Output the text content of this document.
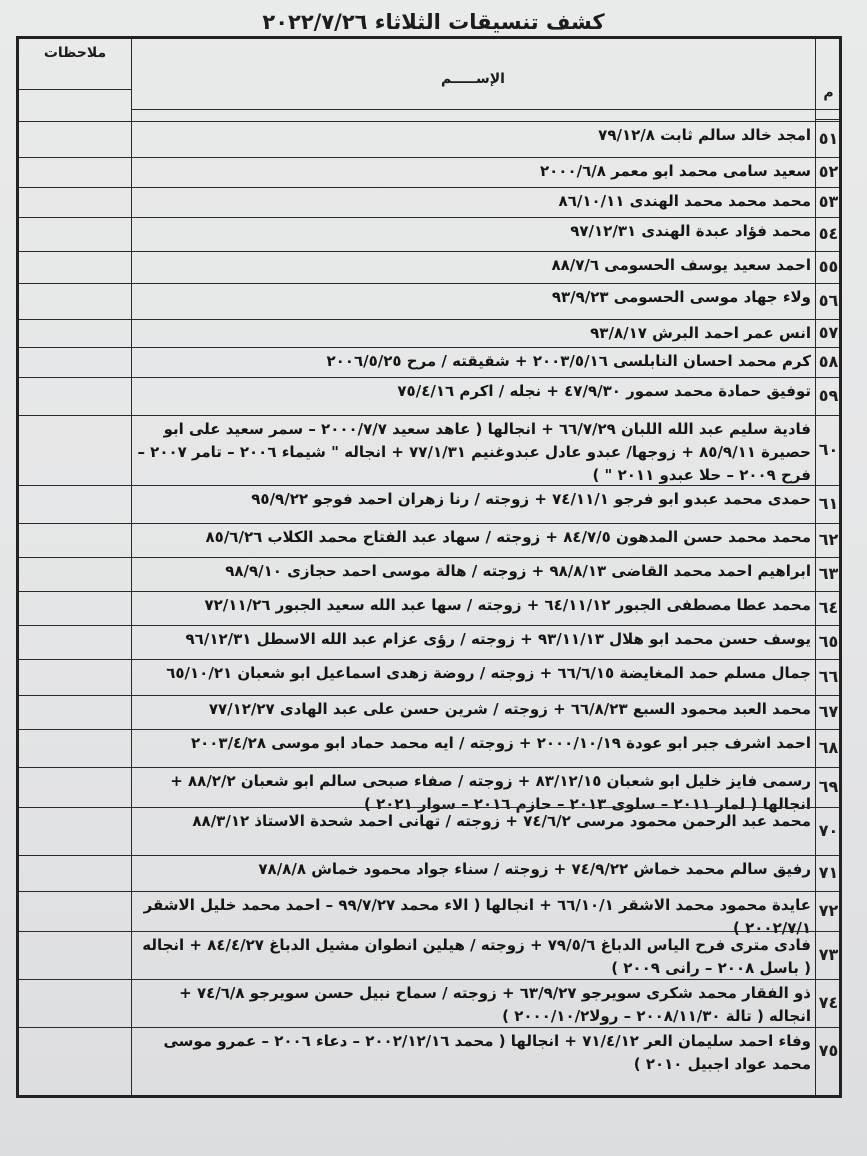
كشف تنسيقات الثلاثاء ٢٠٢٢/٧/٢٦
ملاحظات
الإســـــم
م
٥١
امجد خالد سالم ثابت ٧٩/١٢/٨
٥٢
سعيد سامى محمد ابو معمر ٢٠٠٠/٦/٨
٥٣
محمد محمد محمد الهندى ٨٦/١٠/١١
٥٤
محمد فؤاد عبدة الهندى ٩٧/١٢/٣١
٥٥
احمد سعيد يوسف الحسومى ٨٨/٧/٦
٥٦
ولاء جهاد موسى الحسومى ٩٣/٩/٢٣
٥٧
انس عمر احمد البرش ٩٣/٨/١٧
٥٨
كرم محمد احسان النابلسى ٢٠٠٣/٥/١٦ + شقيقته / مرح ٢٠٠٦/٥/٢٥
٥٩
توفيق حمادة محمد سمور ٤٧/٩/٣٠ + نجله / اكرم ٧٥/٤/١٦
٦٠
فادية سليم عبد الله اللبان ٦٦/٧/٢٩ + انجالها ( عاهد سعيد ٢٠٠٠/٧/٧ – سمر سعيد على ابو حصيرة ٨٥/٩/١١ + زوجها/ عبدو عادل عبدوغنيم ٧٧/١/٣١ + انجاله " شيماء ٢٠٠٦ – تامر ٢٠٠٧ – فرح ٢٠٠٩ – حلا عبدو ٢٠١١ " )
٦١
حمدى محمد عبدو ابو فرجو ٧٤/١١/١ + زوجته / رنا زهران احمد فوجو ٩٥/٩/٢٢
٦٢
محمد محمد حسن المدهون ٨٤/٧/٥ + زوجته / سهاد عبد الفتاح محمد الكلاب ٨٥/٦/٢٦
٦٣
ابراهيم احمد محمد القاضى ٩٨/٨/١٣ + زوجته / هالة موسى احمد حجازى ٩٨/٩/١٠
٦٤
محمد عطا مصطفى الجبور ٦٤/١١/١٢ + زوجته / سها عبد الله سعيد الجبور ٧٢/١١/٢٦
٦٥
يوسف حسن محمد ابو هلال ٩٣/١١/١٣ + زوجته / رؤى عزام عبد الله الاسطل ٩٦/١٢/٣١
٦٦
جمال مسلم حمد المغايضة ٦٦/٦/١٥ + زوجته / روضة زهدى اسماعيل ابو شعبان ٦٥/١٠/٢١
٦٧
محمد العبد محمود السبع ٦٦/٨/٢٣ + زوجته / شرين حسن على عبد الهادى ٧٧/١٢/٢٧
٦٨
احمد اشرف جبر ابو عودة ٢٠٠٠/١٠/١٩ + زوجته / ايه محمد حماد ابو موسى ٢٠٠٣/٤/٢٨
٦٩
رسمى فايز خليل ابو شعبان ٨٣/١٢/١٥ + زوجته / صفاء صبحى سالم ابو شعبان ٨٨/٢/٢ + انجالها ( لمار ٢٠١١ – سلوى ٢٠١٣ – حازم ٢٠١٦ – سوار ٢٠٢١ )
٧٠
محمد عبد الرحمن محمود مرسى ٧٤/٦/٢ + زوجته / تهانى احمد شحدة الاستاذ ٨٨/٣/١٢
٧١
رفيق سالم محمد خماش ٧٤/٩/٢٢ + زوجته / سناء جواد محمود خماش ٧٨/٨/٨
٧٢
عايدة محمود محمد الاشقر ٦٦/١٠/١ + انجالها ( الاء محمد ٩٩/٧/٢٧ – احمد محمد خليل الاشقر ٢٠٠٢/٧/١ )
٧٣
فادى مترى فرح الياس الدباغ ٧٩/٥/٦ + زوجته / هيلين انطوان مشيل الدباغ ٨٤/٤/٢٧ + انجاله ( باسل ٢٠٠٨ – رانى ٢٠٠٩ )
٧٤
ذو الفقار محمد شكرى سويرجو ٦٣/٩/٢٧ + زوجته / سماح نبيل حسن سويرجو ٧٤/٦/٨ + انجاله ( تالة ٢٠٠٨/١١/٣٠ – رولا٢٠٠٠/١٠/٢ )
٧٥
وفاء احمد سليمان العر ٧١/٤/١٢ + انجالها ( محمد ٢٠٠٢/١٢/١٦ – دعاء ٢٠٠٦ – عمرو موسى محمد عواد اجبيل ٢٠١٠ )
